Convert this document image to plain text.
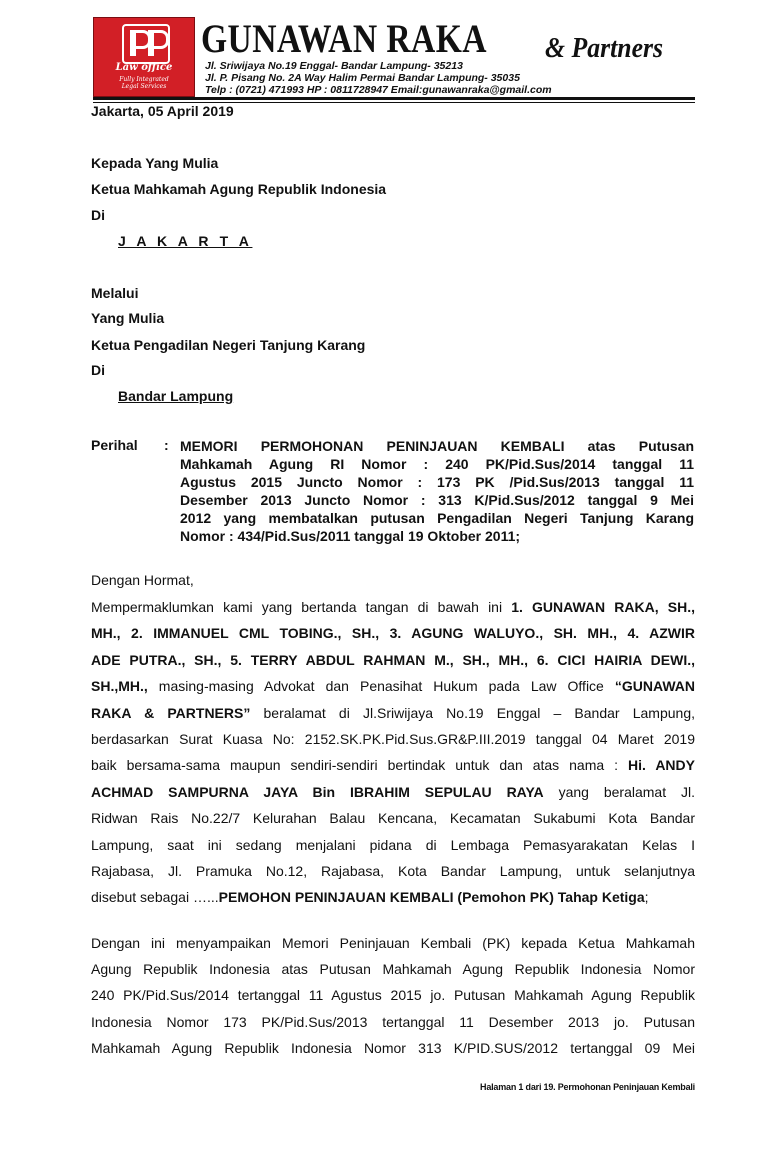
Law office
Fully Integrated
Legal Services
GUNAWAN RAKA & Partners
Jl. Sriwijaya No.19 Enggal- Bandar Lampung- 35213
Jl. P. Pisang No. 2A Way Halim Permai Bandar Lampung- 35035
Telp : (0721) 471993 HP : 0811728947 Email:gunawanraka@gmail.com
Jakarta, 05 April 2019
Kepada Yang Mulia
Ketua Mahkamah Agung Republik Indonesia
Di
J A K A R T A
Melalui
Yang Mulia
Ketua Pengadilan Negeri Tanjung Karang
Di
Bandar Lampung
Perihal : MEMORI PERMOHONAN PENINJAUAN KEMBALI atas Putusan
Mahkamah Agung RI Nomor : 240 PK/Pid.Sus/2014 tanggal 11
Agustus 2015 Juncto Nomor : 173 PK /Pid.Sus/2013 tanggal 11
Desember 2013 Juncto Nomor : 313 K/Pid.Sus/2012 tanggal 9 Mei
2012 yang membatalkan putusan Pengadilan Negeri Tanjung Karang
Nomor : 434/Pid.Sus/2011 tanggal 19 Oktober 2011;
Dengan Hormat,
Mempermaklumkan kami yang bertanda tangan di bawah ini 1. GUNAWAN RAKA, SH.,
MH., 2. IMMANUEL CML TOBING., SH., 3. AGUNG WALUYO., SH. MH., 4. AZWIR
ADE PUTRA., SH., 5. TERRY ABDUL RAHMAN M., SH., MH., 6. CICI HAIRIA DEWI.,
SH.,MH., masing-masing Advokat dan Penasihat Hukum pada Law Office “GUNAWAN
RAKA & PARTNERS” beralamat di Jl.Sriwijaya No.19 Enggal – Bandar Lampung,
berdasarkan Surat Kuasa No: 2152.SK.PK.Pid.Sus.GR&P.III.2019 tanggal 04 Maret 2019
baik bersama-sama maupun sendiri-sendiri bertindak untuk dan atas nama : Hi. ANDY
ACHMAD SAMPURNA JAYA Bin IBRAHIM SEPULAU RAYA yang beralamat Jl.
Ridwan Rais No.22/7 Kelurahan Balau Kencana, Kecamatan Sukabumi Kota Bandar
Lampung, saat ini sedang menjalani pidana di Lembaga Pemasyarakatan Kelas I
Rajabasa, Jl. Pramuka No.12, Rajabasa, Kota Bandar Lampung, untuk selanjutnya
disebut sebagai …...PEMOHON PENINJAUAN KEMBALI (Pemohon PK) Tahap Ketiga;
Dengan ini menyampaikan Memori Peninjauan Kembali (PK) kepada Ketua Mahkamah
Agung Republik Indonesia atas Putusan Mahkamah Agung Republik Indonesia Nomor
240 PK/Pid.Sus/2014 tertanggal 11 Agustus 2015 jo. Putusan Mahkamah Agung Republik
Indonesia Nomor 173 PK/Pid.Sus/2013 tertanggal 11 Desember 2013 jo. Putusan
Mahkamah Agung Republik Indonesia Nomor 313 K/PID.SUS/2012 tertanggal 09 Mei
Halaman 1 dari 19. Permohonan Peninjauan Kembali
